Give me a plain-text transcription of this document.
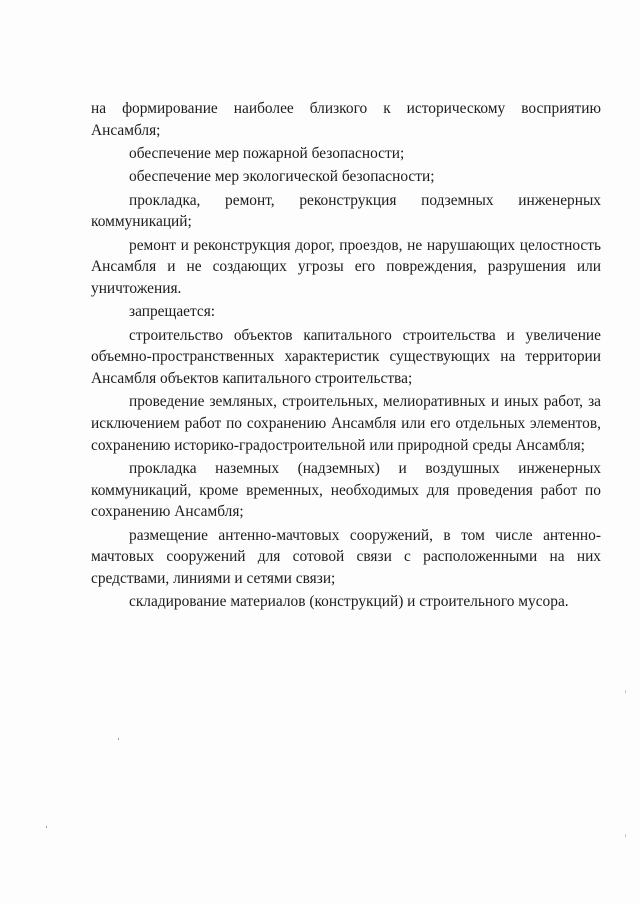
на формирование наиболее близкого к историческому восприятию Ансамбля;

обеспечение мер пожарной безопасности;

обеспечение мер экологической безопасности;

прокладка, ремонт, реконструкция подземных инженерных коммуникаций;

ремонт и реконструкция дорог, проездов, не нарушающих целостность Ансамбля и не создающих угрозы его повреждения, разрушения или уничтожения.

запрещается:

строительство объектов капитального строительства и увеличение объемно-пространственных характеристик существующих на территории Ансамбля объектов капитального строительства;

проведение земляных, строительных, мелиоративных и иных работ, за исключением работ по сохранению Ансамбля или его отдельных элементов, сохранению историко-градостроительной или природной среды Ансамбля;

прокладка наземных (надземных) и воздушных инженерных коммуникаций, кроме временных, необходимых для проведения работ по сохранению Ансамбля;

размещение антенно-мачтовых сооружений, в том числе антенно-мачтовых сооружений для сотовой связи с расположенными на них средствами, линиями и сетями связи;

складирование материалов (конструкций) и строительного мусора.
